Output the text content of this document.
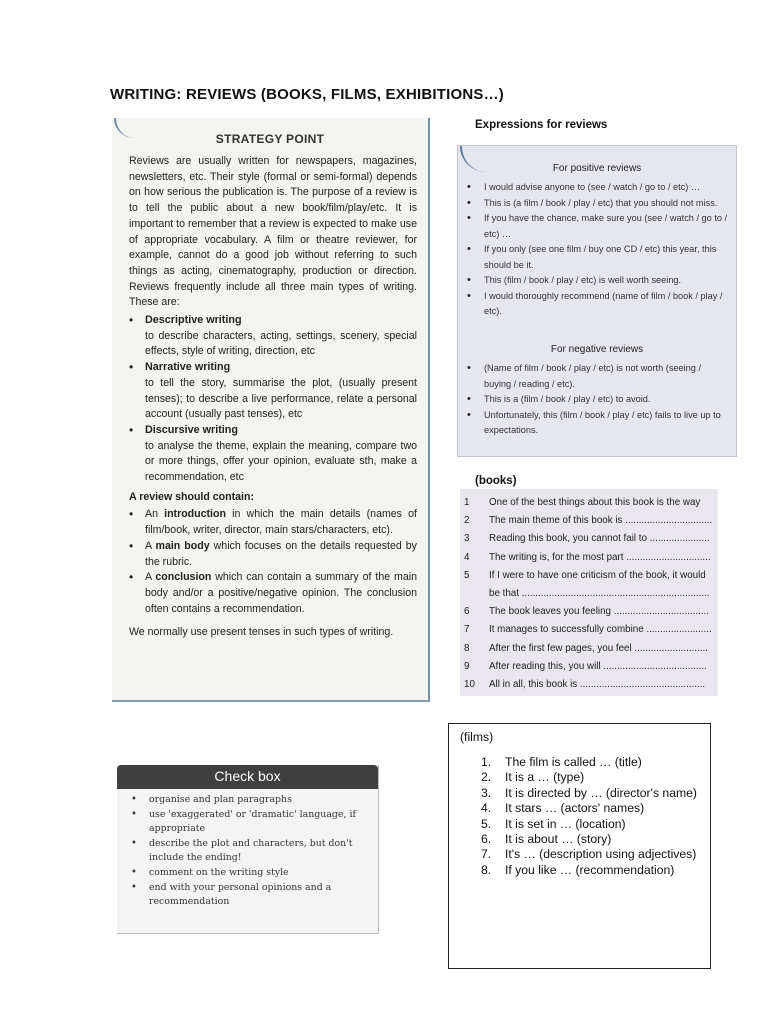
WRITING: REVIEWS (BOOKS, FILMS, EXHIBITIONS…)
STRATEGY POINT

Reviews are usually written for newspapers, magazines, newsletters, etc. Their style (formal or semi-formal) depends on how serious the publication is. The purpose of a review is to tell the public about a new book/film/play/etc. It is important to remember that a review is expected to make use of appropriate vocabulary. A film or theatre reviewer, for example, cannot do a good job without referring to such things as acting, cinematography, production or direction. Reviews frequently include all three main types of writing. These are:

• Descriptive writing
to describe characters, acting, settings, scenery, special effects, style of writing, direction, etc
• Narrative writing
to tell the story, summarise the plot, (usually present tenses); to describe a live performance, relate a personal account (usually past tenses), etc
• Discursive writing
to analyse the theme, explain the meaning, compare two or more things, offer your opinion, evaluate sth, make a recommendation, etc

A review should contain:

• An introduction in which the main details (names of film/book, writer, director, main stars/characters, etc).
• A main body which focuses on the details requested by the rubric.
• A conclusion which can contain a summary of the main body and/or a positive/negative opinion. The conclusion often contains a recommendation.

We normally use present tenses in such types of writing.

Expressions for reviews
For positive reviews
• I would advise anyone to (see / watch / go to / etc) …
• This is (a film / book / play / etc) that you should not miss.
• If you have the chance, make sure you (see / watch / go to / etc) …
• If you only (see one film / buy one CD / etc) this year, this should be it.
• This (film / book / play / etc) is well worth seeing.
• I would thoroughly recommend (name of film / book / play / etc).
For negative reviews
• (Name of film / book / play / etc) is not worth (seeing / buying / reading / etc).
• This is a (film / book / play / etc) to avoid.
• Unfortunately, this (film / book / play / etc) fails to live up to expectations.
(books)
1	One of the best things about this book is the way
2	The main theme of this book is ................................
3	Reading this book, you cannot fail to ......................
4	The writing is, for the most part ...............................
5	If I were to have one criticism of the book, it would be that .....................................................................
6	The book leaves you feeling ...................................
7	It manages to successfully combine ........................
8	After the first few pages, you feel ...........................
9	After reading this, you will ......................................
10	All in all, this book is ..............................................
Check box
• organise and plan paragraphs
• use 'exaggerated' or 'dramatic' language, if appropriate
• describe the plot and characters, but don't include the ending!
• comment on the writing style
• end with your personal opinions and a recommendation
(films)
1. The film is called … (title)
2. It is a … (type)
3. It is directed by … (director's name)
4. It stars … (actors' names)
5. It is set in … (location)
6. It is about … (story)
7. It's … (description using adjectives)
8. If you like … (recommendation)
